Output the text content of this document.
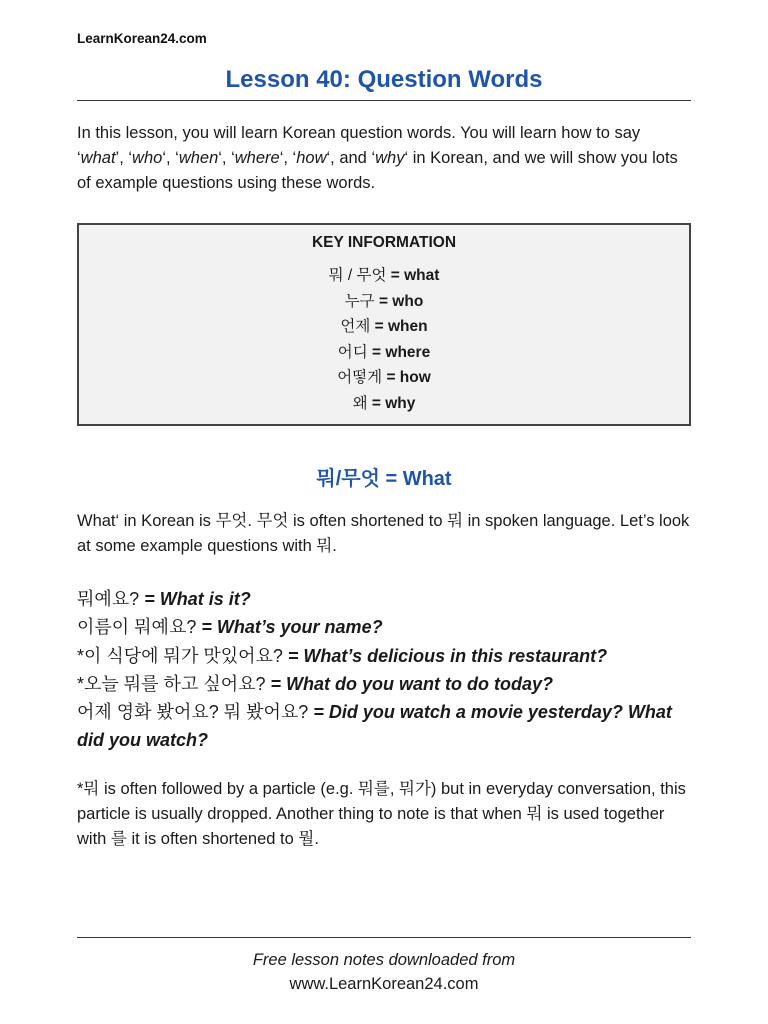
LearnKorean24.com
Lesson 40: Question Words

In this lesson, you will learn Korean question words. You will learn how to say ‘what’, ‘who‘, ‘when‘, ‘where‘, ‘how‘, and ‘why‘ in Korean, and we will show you lots of example questions using these words.

KEY INFORMATION
뭐 / 무엇 = what
누구 = who
언제 = when
어디 = where
어떻게 = how
왜 = why
뭐/무엇 = What

What‘ in Korean is 무엇. 무엇 is often shortened to 뭐 in spoken language. Let’s look at some example questions with 뭐.

뭐예요? = What is it?
이름이 뭐예요? = What’s your name?
*이 식당에 뭐가 맛있어요? = What’s delicious in this restaurant?
*오늘 뭐를 하고 싶어요? = What do you want to do today?
어제 영화 봤어요? 뭐 봤어요? = Did you watch a movie yesterday? What did you watch?

*뭐 is often followed by a particle (e.g. 뭐를, 뭐가) but in everyday conversation, this particle is usually dropped. Another thing to note is that when 뭐 is used together with 를 it is often shortened to 뭘.

Free lesson notes downloaded from
www.LearnKorean24.com
